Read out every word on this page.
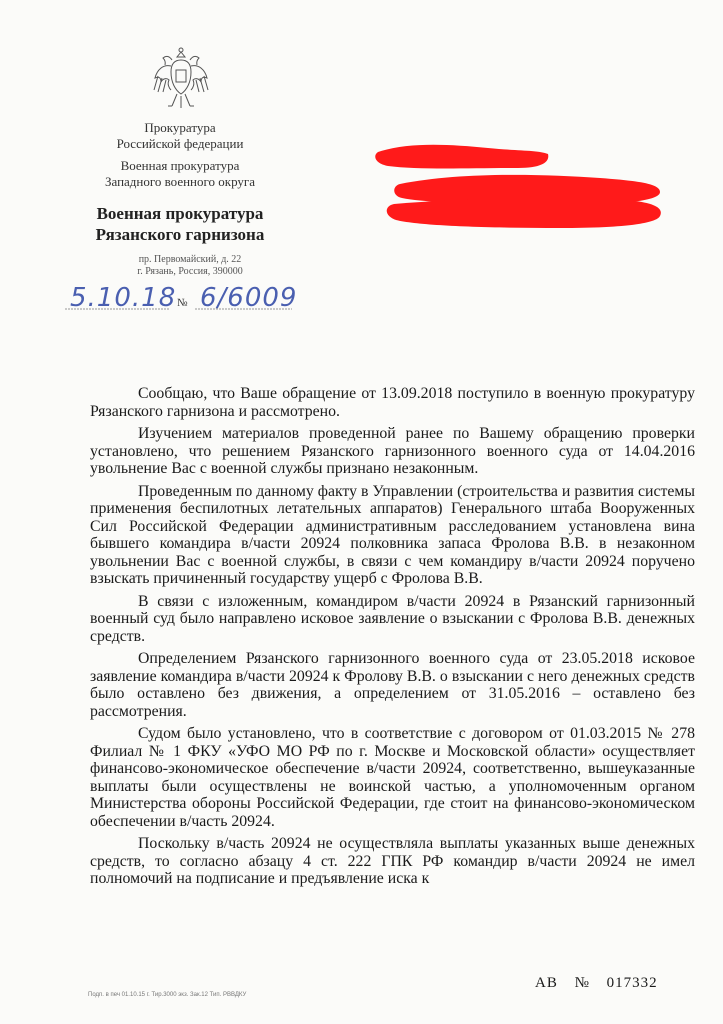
Прокуратура
Российской федерации
Военная прокуратура
Западного военного округа
Военная прокуратура
Рязанского гарнизона
пр. Первомайский, д. 22
г. Рязань, Россия, 390000
5.10.18 № 6/6009

Сообщаю, что Ваше обращение от 13.09.2018 поступило в военную прокуратуру Рязанского гарнизона и рассмотрено.

Изучением материалов проведенной ранее по Вашему обращению проверки установлено, что решением Рязанского гарнизонного военного суда от 14.04.2016 увольнение Вас с военной службы признано незаконным.

Проведенным по данному факту в Управлении (строительства и развития системы применения беспилотных летательных аппаратов) Генерального штаба Вооруженных Сил Российской Федерации административным расследованием установлена вина бывшего командира в/части 20924 полковника запаса Фролова В.В. в незаконном увольнении Вас с военной службы, в связи с чем командиру в/части 20924 поручено взыскать причиненный государству ущерб с Фролова В.В.

В связи с изложенным, командиром в/части 20924 в Рязанский гарнизонный военный суд было направлено исковое заявление о взыскании с Фролова В.В. денежных средств.

Определением Рязанского гарнизонного военного суда от 23.05.2018 исковое заявление командира в/части 20924 к Фролову В.В. о взыскании с него денежных средств было оставлено без движения, а определением от 31.05.2016 – оставлено без рассмотрения.

Судом было установлено, что в соответствие с договором от 01.03.2015 № 278 Филиал № 1 ФКУ «УФО МО РФ по г. Москве и Московской области» осуществляет финансово-экономическое обеспечение в/части 20924, соответственно, вышеуказанные выплаты были осуществлены не воинской частью, а уполномоченным органом Министерства обороны Российской Федерации, где стоит на финансово-экономическом обеспечении в/часть 20924.

Поскольку в/часть 20924 не осуществляла выплаты указанных выше денежных средств, то согласно абзацу 4 ст. 222 ГПК РФ командир в/части 20924 не имел полномочий на подписание и предъявление иска к

Подп. в печ 01.10.15 г. Тир.3000 экз. Зак.12 Тип. РВВДКУ
АВ № 017332
